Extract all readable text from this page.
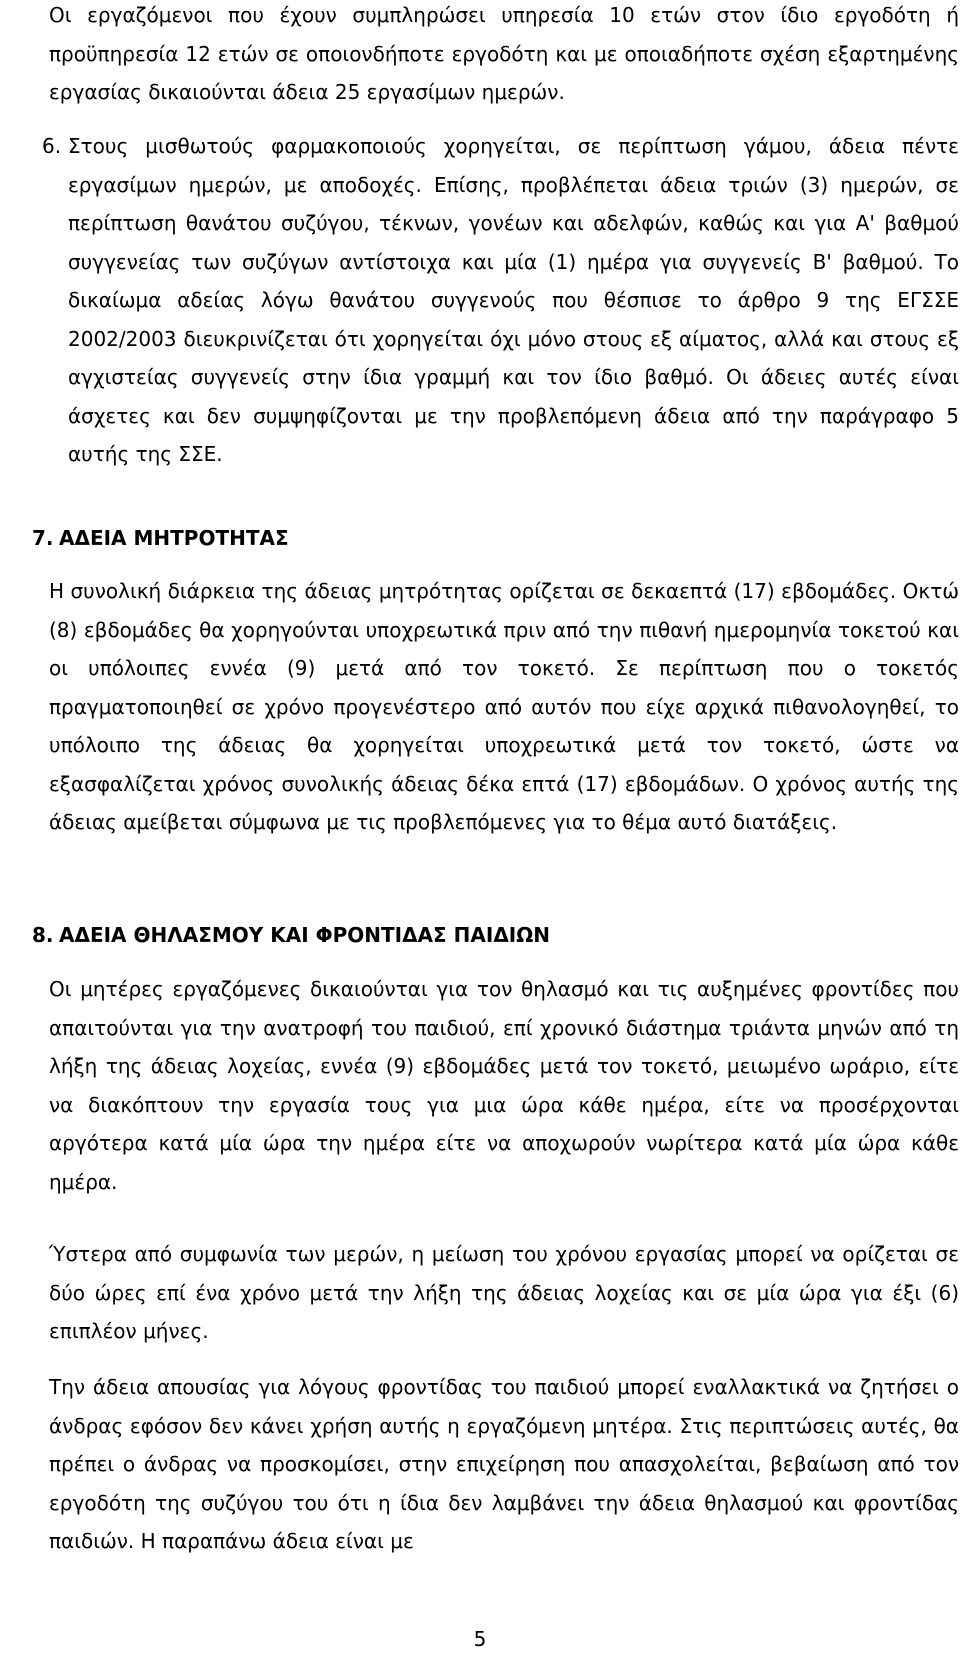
Οι εργαζόμενοι που έχουν συμπληρώσει υπηρεσία 10 ετών στον ίδιο εργοδότη ή προϋπηρεσία 12 ετών σε οποιονδήποτε εργοδότη και με οποιαδήποτε σχέση εξαρτημένης εργασίας δικαιούνται άδεια 25 εργασίμων ημερών.

6. Στους μισθωτούς φαρμακοποιούς χορηγείται, σε περίπτωση γάμου, άδεια πέντε εργασίμων ημερών, με αποδοχές. Επίσης, προβλέπεται άδεια τριών (3) ημερών, σε περίπτωση θανάτου συζύγου, τέκνων, γονέων και αδελφών, καθώς και για Α' βαθμού συγγενείας των συζύγων αντίστοιχα και μία (1) ημέρα για συγγενείς Β' βαθμού. Το δικαίωμα αδείας λόγω θανάτου συγγενούς που θέσπισε το άρθρο 9 της ΕΓΣΣΕ 2002/2003 διευκρινίζεται ότι χορηγείται όχι μόνο στους εξ αίματος, αλλά και στους εξ αγχιστείας συγγενείς στην ίδια γραμμή και τον ίδιο βαθμό. Οι άδειες αυτές είναι άσχετες και δεν συμψηφίζονται με την προβλεπόμενη άδεια από την παράγραφο 5 αυτής της ΣΣΕ.
7. ΑΔΕΙΑ ΜΗΤΡΟΤΗΤΑΣ

Η συνολική διάρκεια της άδειας μητρότητας ορίζεται σε δεκαεπτά (17) εβδομάδες. Οκτώ (8) εβδομάδες θα χορηγούνται υποχρεωτικά πριν από την πιθανή ημερομηνία τοκετού και οι υπόλοιπες εννέα (9) μετά από τον τοκετό. Σε περίπτωση που ο τοκετός πραγματοποιηθεί σε χρόνο προγενέστερο από αυτόν που είχε αρχικά πιθανολογηθεί, το υπόλοιπο της άδειας θα χορηγείται υποχρεωτικά μετά τον τοκετό, ώστε να εξασφαλίζεται χρόνος συνολικής άδειας δέκα επτά (17) εβδομάδων. Ο χρόνος αυτής της άδειας αμείβεται σύμφωνα με τις προβλεπόμενες για το θέμα αυτό διατάξεις.

8. ΑΔΕΙΑ ΘΗΛΑΣΜΟΥ ΚΑΙ ΦΡΟΝΤΙΔΑΣ ΠΑΙΔΙΩΝ

Οι μητέρες εργαζόμενες δικαιούνται για τον θηλασμό και τις αυξημένες φροντίδες που απαιτούνται για την ανατροφή του παιδιού, επί χρονικό διάστημα τριάντα μηνών από τη λήξη της άδειας λοχείας, εννέα (9) εβδομάδες μετά τον τοκετό, μειωμένο ωράριο, είτε να διακόπτουν την εργασία τους για μια ώρα κάθε ημέρα, είτε να προσέρχονται αργότερα κατά μία ώρα την ημέρα είτε να αποχωρούν νωρίτερα κατά μία ώρα κάθε ημέρα.

Ύστερα από συμφωνία των μερών, η μείωση του χρόνου εργασίας μπορεί να ορίζεται σε δύο ώρες επί ένα χρόνο μετά την λήξη της άδειας λοχείας και σε μία ώρα για έξι (6) επιπλέον μήνες.

Την άδεια απουσίας για λόγους φροντίδας του παιδιού μπορεί εναλλακτικά να ζητήσει ο άνδρας εφόσον δεν κάνει χρήση αυτής η εργαζόμενη μητέρα. Στις περιπτώσεις αυτές, θα πρέπει ο άνδρας να προσκομίσει, στην επιχείρηση που απασχολείται, βεβαίωση από τον εργοδότη της συζύγου του ότι η ίδια δεν λαμβάνει την άδεια θηλασμού και φροντίδας παιδιών. Η παραπάνω άδεια είναι με

5
